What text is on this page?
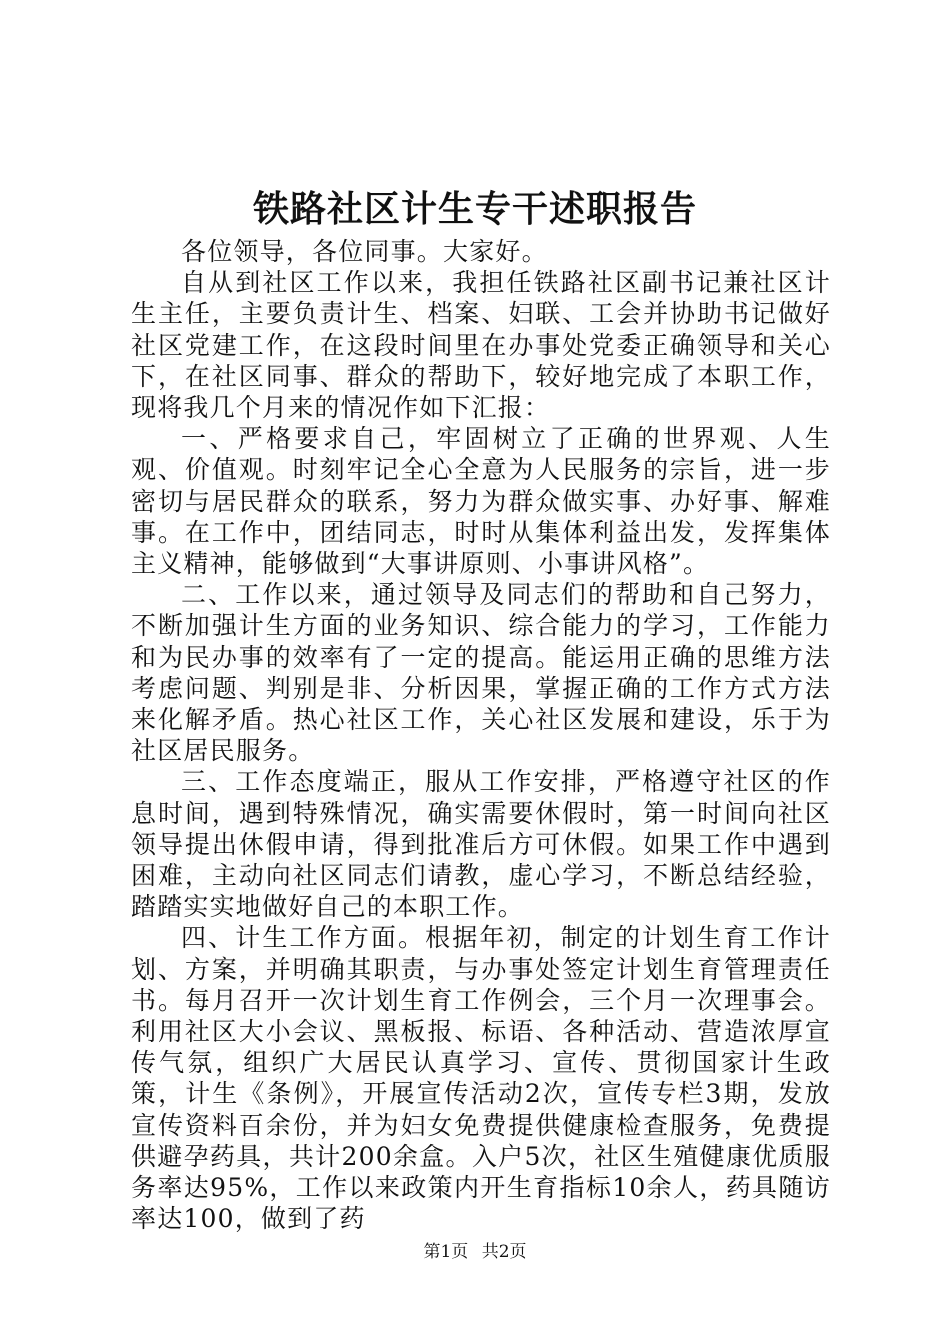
铁路社区计生专干述职报告

各位领导，各位同事。大家好。

自从到社区工作以来，我担任铁路社区副书记兼社区计生主任，主要负责计生、档案、妇联、工会并协助书记做好社区党建工作，在这段时间里在办事处党委正确领导和关心下，在社区同事、群众的帮助下，较好地完成了本职工作，现将我几个月来的情况作如下汇报：

一、严格要求自己，牢固树立了正确的世界观、人生观、价值观。时刻牢记全心全意为人民服务的宗旨，进一步密切与居民群众的联系，努力为群众做实事、办好事、解难事。在工作中，团结同志，时时从集体利益出发，发挥集体主义精神，能够做到“大事讲原则、小事讲风格”。

二、工作以来，通过领导及同志们的帮助和自己努力，不断加强计生方面的业务知识、综合能力的学习，工作能力和为民办事的效率有了一定的提高。能运用正确的思维方法考虑问题、判别是非、分析因果，掌握正确的工作方式方法来化解矛盾。热心社区工作，关心社区发展和建设，乐于为社区居民服务。

三、工作态度端正，服从工作安排，严格遵守社区的作息时间，遇到特殊情况，确实需要休假时，第一时间向社区领导提出休假申请，得到批准后方可休假。如果工作中遇到困难，主动向社区同志们请教，虚心学习，不断总结经验，踏踏实实地做好自己的本职工作。

四、计生工作方面。根据年初，制定的计划生育工作计划、方案，并明确其职责，与办事处签定计划生育管理责任书。每月召开一次计划生育工作例会，三个月一次理事会。利用社区大小会议、黑板报、标语、各种活动、营造浓厚宣传气氛，组织广大居民认真学习、宣传、贯彻国家计生政策，计生《条例》，开展宣传活动2次，宣传专栏3期，发放宣传资料百余份，并为妇女免费提供健康检查服务，免费提供避孕药具，共计200余盒。入户5次，社区生殖健康优质服务率达95%，工作以来政策内开生育指标10余人，药具随访率达100，做到了药

第1页 共2页
